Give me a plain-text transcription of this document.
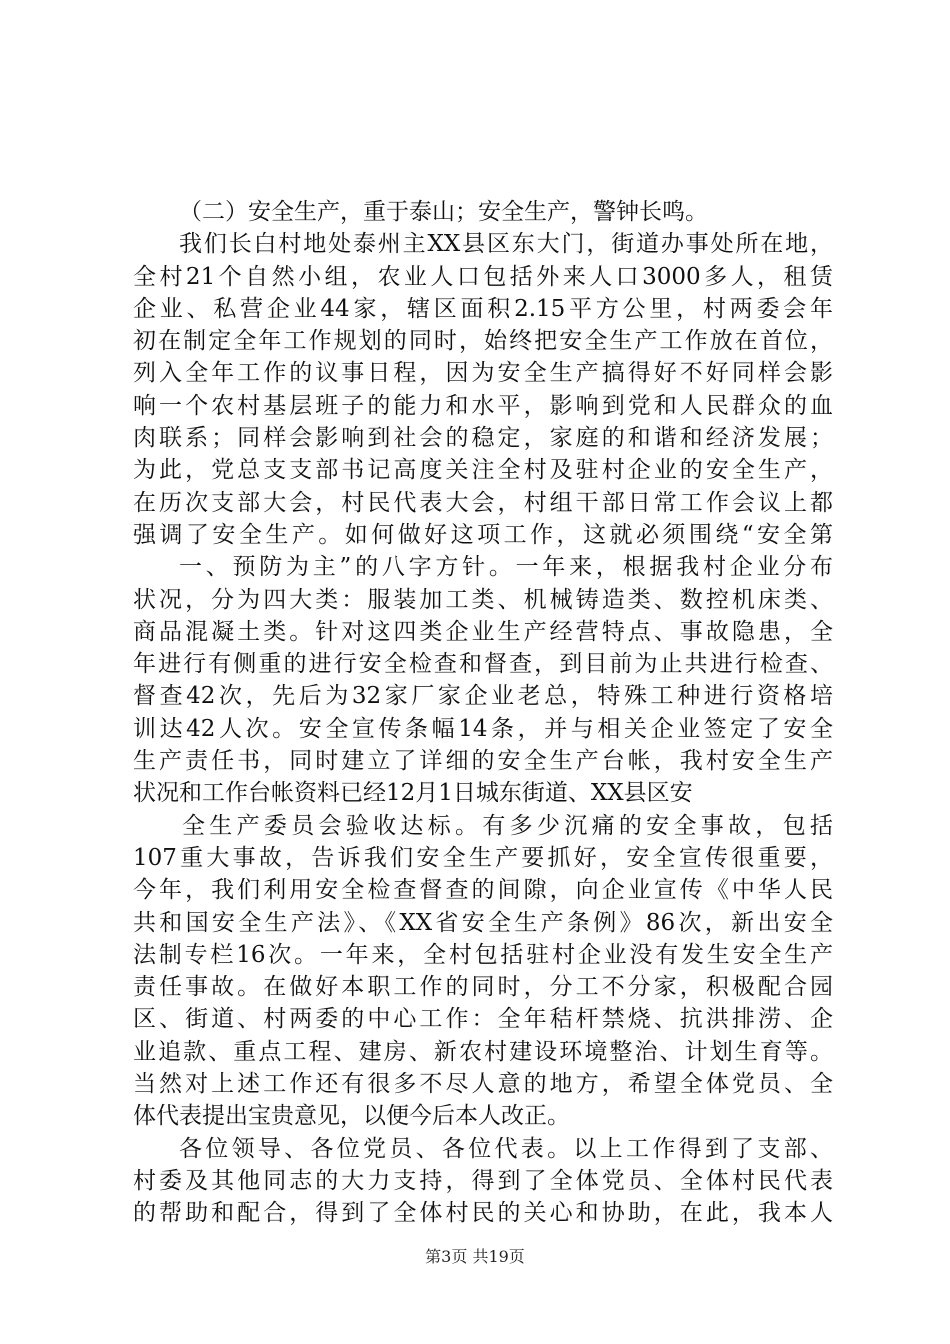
（二）安全生产，重于泰山；安全生产，警钟长鸣。
我们长白村地处泰州主XX县区东大门，街道办事处所在地，
全村21个自然小组，农业人口包括外来人口3000多人，租赁
企业、私营企业44家，辖区面积2.15平方公里，村两委会年
初在制定全年工作规划的同时，始终把安全生产工作放在首位，
列入全年工作的议事日程，因为安全生产搞得好不好同样会影
响一个农村基层班子的能力和水平，影响到党和人民群众的血
肉联系；同样会影响到社会的稳定，家庭的和谐和经济发展；
为此，党总支支部书记高度关注全村及驻村企业的安全生产，
在历次支部大会，村民代表大会，村组干部日常工作会议上都
强调了安全生产。如何做好这项工作，这就必须围绕“安全第
一、预防为主”的八字方针。一年来，根据我村企业分布
状况，分为四大类：服装加工类、机械铸造类、数控机床类、
商品混凝土类。针对这四类企业生产经营特点、事故隐患，全
年进行有侧重的进行安全检查和督查，到目前为止共进行检查、
督查42次，先后为32家厂家企业老总，特殊工种进行资格培
训达42人次。安全宣传条幅14条，并与相关企业签定了安全
生产责任书，同时建立了详细的安全生产台帐，我村安全生产
状况和工作台帐资料已经12月1日城东街道、XX县区安
全生产委员会验收达标。有多少沉痛的安全事故，包括
107重大事故，告诉我们安全生产要抓好，安全宣传很重要，
今年，我们利用安全检查督查的间隙，向企业宣传《中华人民
共和国安全生产法》、《XX省安全生产条例》86次，新出安全
法制专栏16次。一年来，全村包括驻村企业没有发生安全生产
责任事故。在做好本职工作的同时，分工不分家，积极配合园
区、街道、村两委的中心工作：全年秸杆禁烧、抗洪排涝、企
业追款、重点工程、建房、新农村建设环境整治、计划生育等。
当然对上述工作还有很多不尽人意的地方，希望全体党员、全
体代表提出宝贵意见，以便今后本人改正。
各位领导、各位党员、各位代表。以上工作得到了支部、
村委及其他同志的大力支持，得到了全体党员、全体村民代表
的帮助和配合，得到了全体村民的关心和协助，在此，我本人
第3页 共19页
